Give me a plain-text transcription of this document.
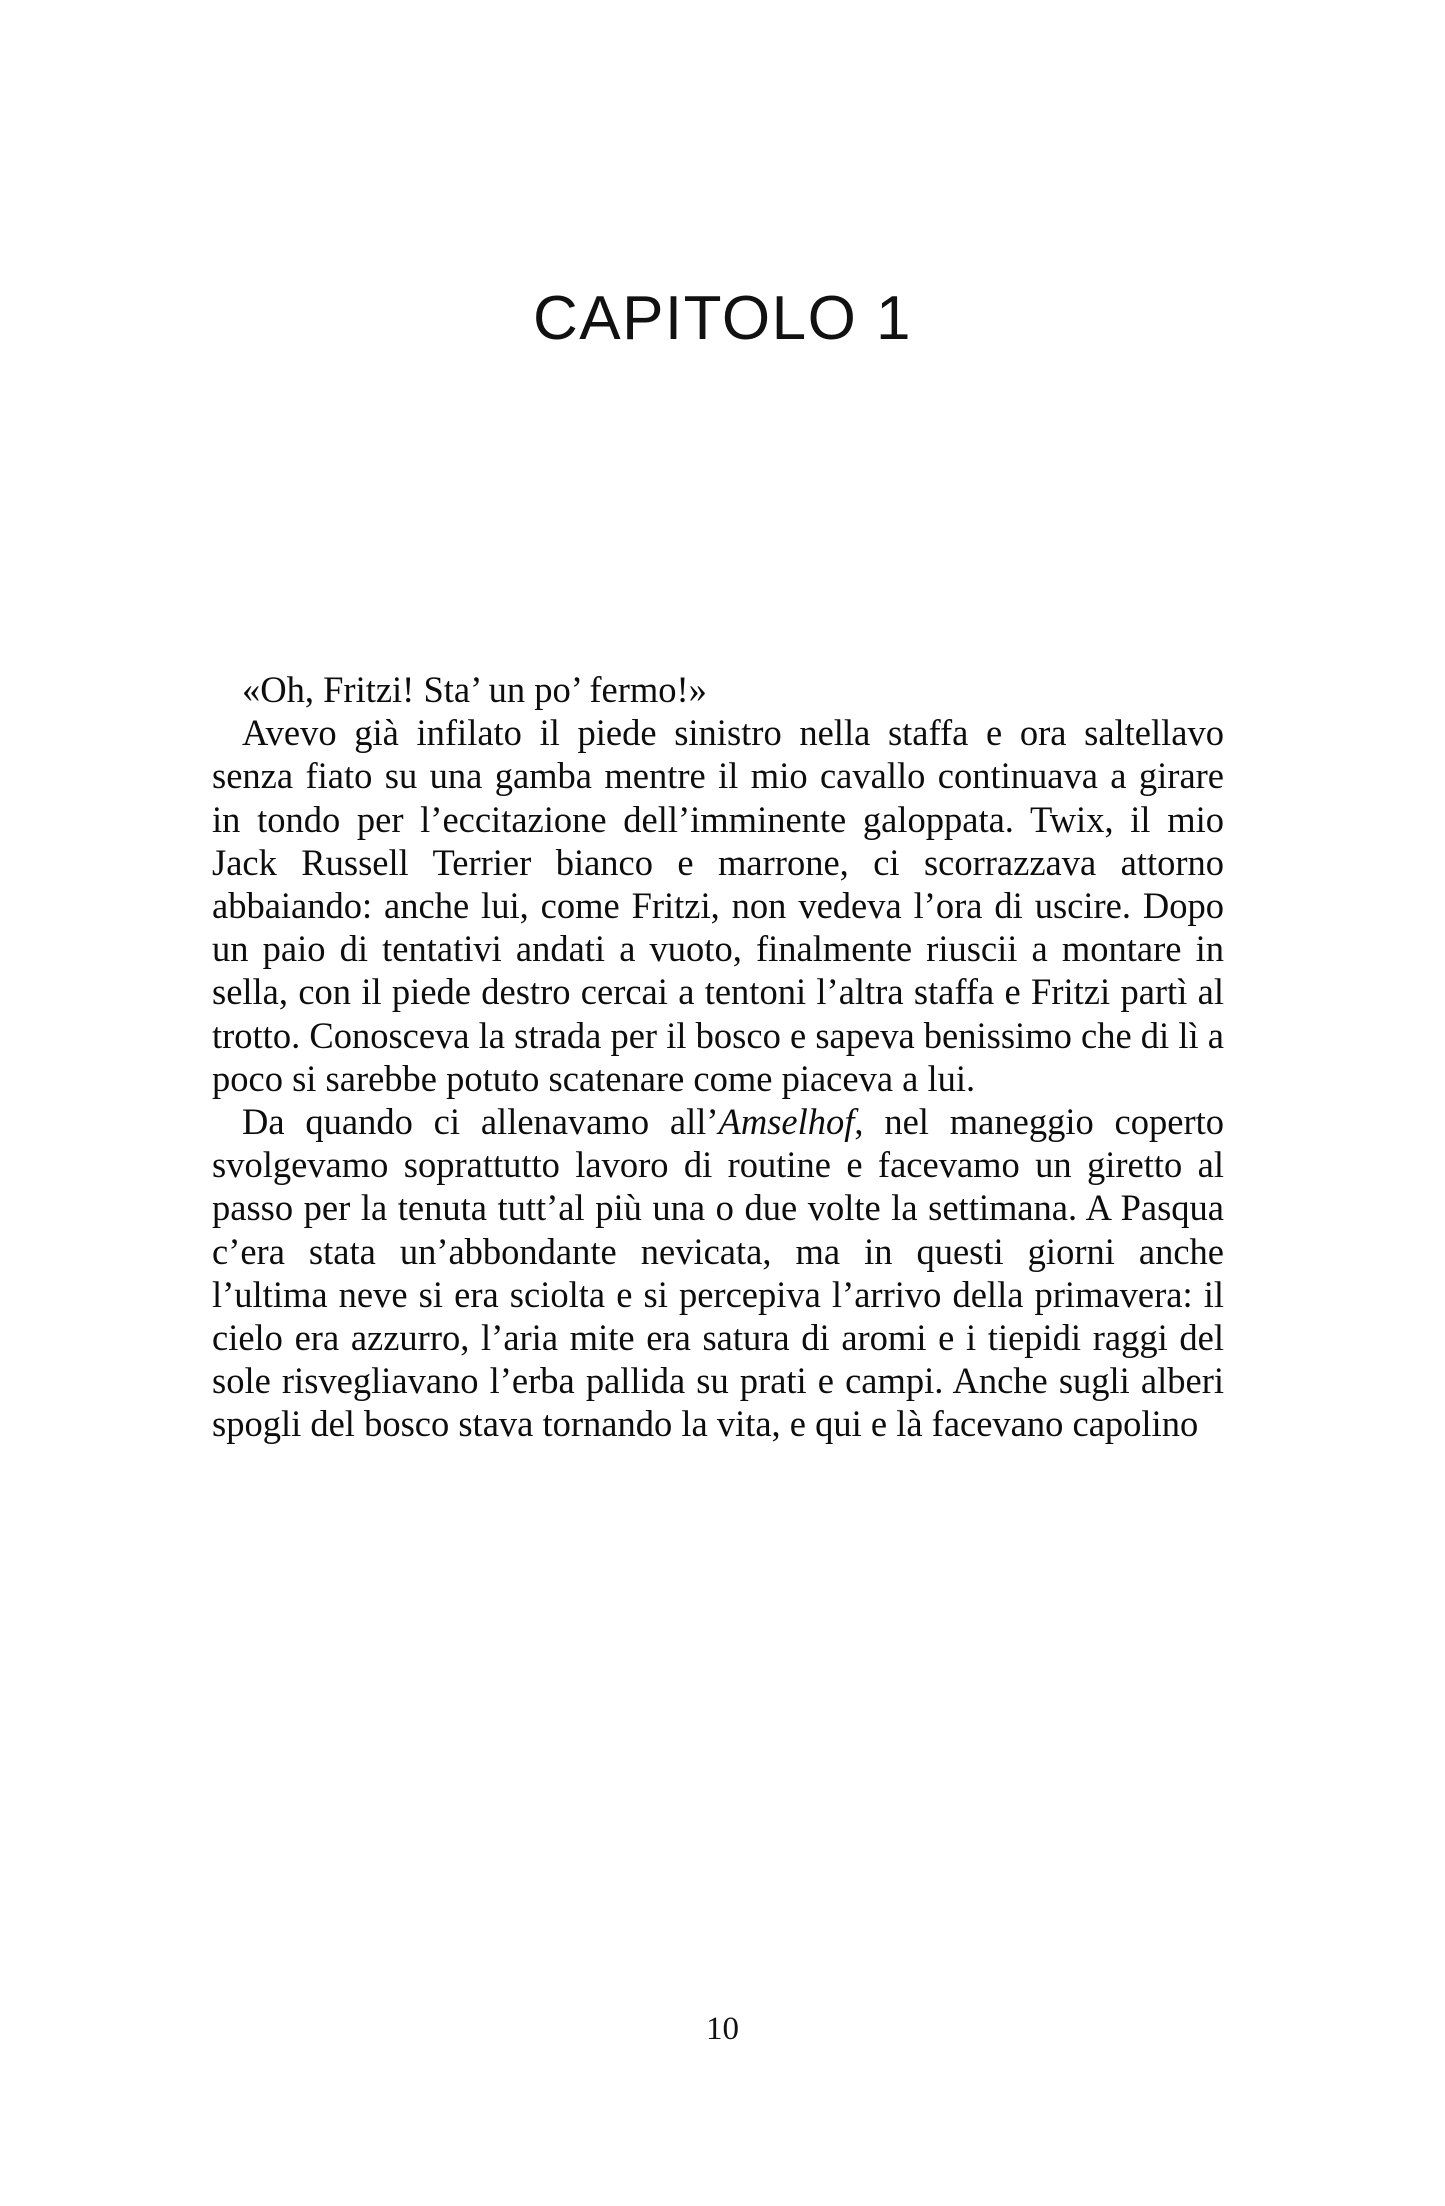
CAPITOLO 1

«Oh, Fritzi! Sta’ un po’ fermo!»
Avevo già infilato il piede sinistro nella staffa e ora saltellavo senza fiato su una gamba mentre il mio cavallo continuava a girare in tondo per l’eccitazione dell’imminente galoppata. Twix, il mio Jack Russell Terrier bianco e marrone, ci scorrazzava attorno abbaiando: anche lui, come Fritzi, non vedeva l’ora di uscire. Dopo un paio di tentativi andati a vuoto, finalmente riuscii a montare in sella, con il piede destro cercai a tentoni l’altra staffa e Fritzi partì al trotto. Conosceva la strada per il bosco e sapeva benissimo che di lì a poco si sarebbe potuto scatenare come piaceva a lui.

Da quando ci allenavamo all’Amselhof, nel maneggio coperto svolgevamo soprattutto lavoro di routine e facevamo un giretto al passo per la tenuta tutt’al più una o due volte la settimana. A Pasqua c’era stata un’abbondante nevicata, ma in questi giorni anche l’ultima neve si era sciolta e si percepiva l’arrivo della primavera: il cielo era azzurro, l’aria mite era satura di aromi e i tiepidi raggi del sole risvegliavano l’erba pallida su prati e campi. Anche sugli alberi spogli del bosco stava tornando la vita, e qui e là facevano capolino

10
